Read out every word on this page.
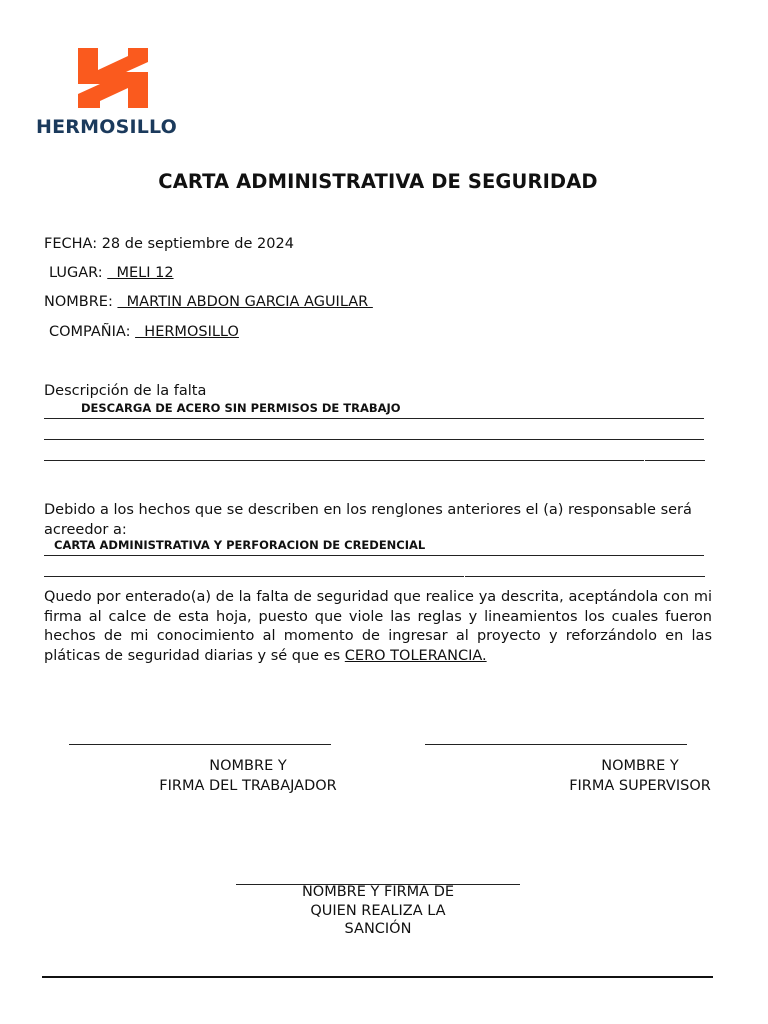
HERMOSILLO
CARTA ADMINISTRATIVA DE SEGURIDAD
FECHA: 28 de septiembre de 2024
LUGAR:   MELI 12
NOMBRE:   MARTIN ABDON GARCIA AGUILAR
COMPAÑIA:   HERMOSILLO
Descripción de la falta
DESCARGA DE ACERO SIN PERMISOS DE TRABAJO
Debido a los hechos que se describen en los renglones anteriores el (a) responsable será acreedor a:
CARTA ADMINISTRATIVA Y PERFORACION DE CREDENCIAL
Quedo por enterado(a) de la falta de seguridad que realice ya descrita, aceptándola con mi firma al calce de esta hoja, puesto que viole las reglas y lineamientos los cuales fueron hechos de mi conocimiento al momento de ingresar al proyecto y reforzándolo en las pláticas de seguridad diarias y sé que es CERO TOLERANCIA.
NOMBRE Y
FIRMA DEL TRABAJADOR
NOMBRE Y
FIRMA SUPERVISOR
NOMBRE Y FIRMA DE
QUIEN REALIZA LA
SANCIÓN
